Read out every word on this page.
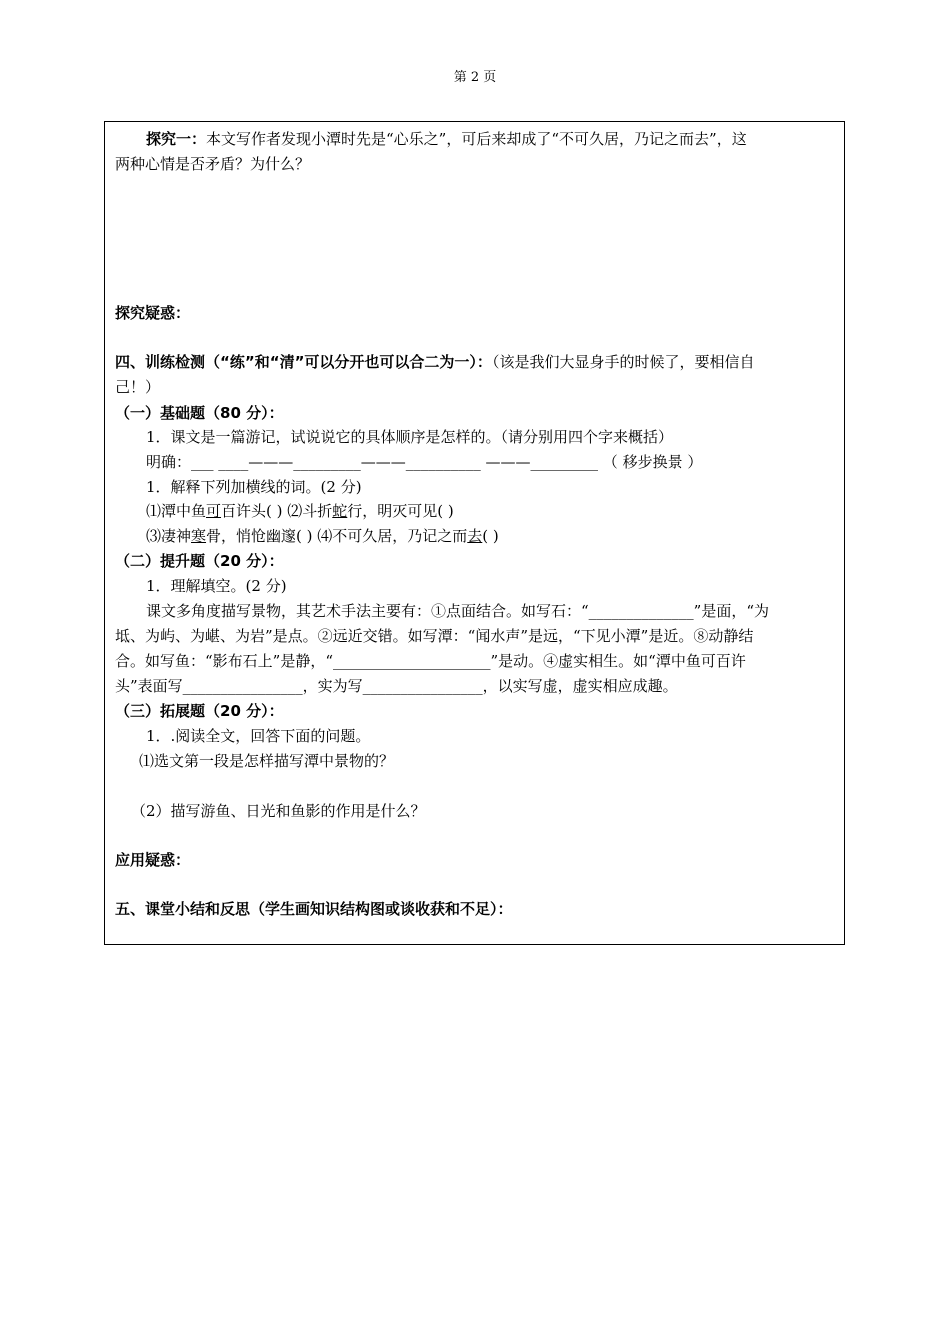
第 2 页
探究一：本文写作者发现小潭时先是“心乐之”，可后来却成了“不可久居，乃记之而去”，这
两种心情是否矛盾？为什么？
探究疑惑：
四、训练检测（“练”和“清”可以分开也可以合二为一）：（该是我们大显身手的时候了，要相信自
己！）
（一）基础题（80 分）：
1．课文是一篇游记，试说说它的具体顺序是怎样的。（请分别用四个字来概括）
明确：___ ____———_________———__________ ———_________ （ 移步换景 ）
1．解释下列加横线的词。(2 分)
⑴潭中鱼可百许头( ) ⑵斗折蛇行，明灭可见( )
⑶凄神寒骨，悄怆幽邃( ) ⑷不可久居，乃记之而去( )
（二）提升题（20 分）：
1．理解填空。(2 分)
课文多角度描写景物，其艺术手法主要有：①点面结合。如写石：“______________”是面，“为
坻、为屿、为嵁、为岩”是点。②远近交错。如写潭：“闻水声”是远，“下见小潭”是近。⑧动静结
合。如写鱼：“影布石上”是静，“_____________________”是动。④虚实相生。如“潭中鱼可百许
头”表面写________________，实为写________________，以实写虚，虚实相应成趣。
（三）拓展题（20 分）：
1．.阅读全文，回答下面的问题。
⑴选文第一段是怎样描写潭中景物的？
（2）描写游鱼、日光和鱼影的作用是什么？
应用疑惑：
五、课堂小结和反思（学生画知识结构图或谈收获和不足）：
